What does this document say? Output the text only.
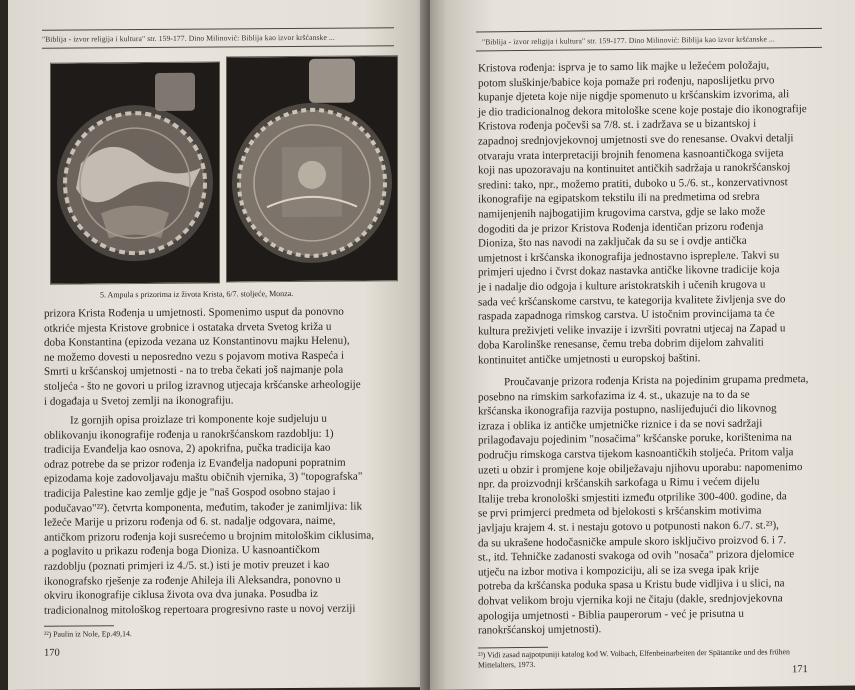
"Biblija - izvor religija i kultura" str. 159-177. Dino Milinović: Biblija kao izvor kršćanske ...
5. Ampula s prizorima iz života Krista, 6/7. stoljeće, Monza.
prizora Krista Rođenja u umjetnosti. Spomenimo usput da ponovno
otkriće mjesta Kristove grobnice i ostataka drveta Svetog križa u
doba Konstantina (epizoda vezana uz Konstantinovu majku Helenu),
ne možemo dovesti u neposredno vezu s pojavom motiva Raspeća i
Smrti u kršćanskoj umjetnosti - na to treba čekati još najmanje pola
stoljeća - što ne govori u prilog izravnog utjecaja kršćanske arheologije
i događaja u Svetoj zemlji na ikonografiju.
Iz gornjih opisa proizlaze tri komponente koje sudjeluju u
oblikovanju ikonografije rođenja u ranokršćanskom razdoblju: 1)
tradicija Evanđelja kao osnova, 2) apokrifna, pučka tradicija kao
odraz potrebe da se prizor rođenja iz Evanđelja nadopuni popratnim
epizodama koje zadovoljavaju maštu običnih vjernika, 3) "topografska"
tradicija Palestine kao zemlje gdje je "naš Gospod osobno stajao i
podučavao"²²). četvrta komponenta, međutim, također je zanimljiva: lik
ležeće Marije u prizoru rođenja od 6. st. nadalje odgovara, naime,
antičkom prizoru rođenja koji susrećemo u brojnim mitološkim ciklusima,
a poglavito u prikazu rođenja boga Dioniza. U kasnoantičkom
razdoblju (poznati primjeri iz 4./5. st.) isti je motiv preuzet i kao
ikonografsko rješenje za rođenje Ahileja ili Aleksandra, ponovno u
okviru ikonografije ciklusa života ova dva junaka. Posudba iz
tradicionalnog mitološkog repertoara progresivno raste u novoj verziji
²²) Paulin iz Nole, Ep.49,14.
170
"Biblija - izvor religija i kultura" str. 159-177. Dino Milinović: Biblija kao izvor kršćanske ...
Kristova rođenja: isprva je to samo lik majke u ležećem položaju,
potom sluškinje/babice koja pomaže pri rođenju, naposlijetku prvo
kupanje djeteta koje nije nigdje spomenuto u kršćanskim izvorima, ali
je dio tradicionalnog dekora mitološke scene koje postaje dio ikonografije
Kristova rođenja počevši sa 7/8. st. i zadržava se u bizantskoj i
zapadnoj srednjovjekovnoj umjetnosti sve do renesanse. Ovakvi detalji
otvaraju vrata interpretaciji brojnih fenomena kasnoantičkoga svijeta
koji nas upozoravaju na kontinuitet antičkih sadržaja u ranokršćanskoj
sredini: tako, npr., možemo pratiti, duboko u 5./6. st., konzervativnost
ikonografije na egipatskom tekstilu ili na predmetima od srebra
namijenjenih najbogatijim krugovima carstva, gdje se lako može
dogoditi da je prizor Kristova Rođenja identičan prizoru rođenja
Dioniza, što nas navodi na zaključak da su se i ovdje antička
umjetnost i kršćanska ikonografija jednostavno isprepleле. Takvi su
primjeri ujedno i čvrst dokaz nastavka antičke likovne tradicije koja
je i nadalje dio odgoja i kulture aristokratskih i učenih krugova u
sada već kršćanskome carstvu, te kategorija kvalitete življenja sve do
raspada zapadnoga rimskog carstva. U istočnim provincijama ta će
kultura preživjeti velike invazije i izvršiti povratni utjecaj na Zapad u
doba Karolinške renesanse, čemu treba dobrim dijelom zahvaliti
kontinuitet antičke umjetnosti u europskoj baštini.
Proučavanje prizora rođenja Krista na pojedinim grupama predmeta,
posebno na rimskim sarkofazima iz 4. st., ukazuje na to da se
kršćanska ikonografija razvija postupno, naslijeđujući dio likovnog
izraza i oblika iz antičke umjetničke riznice i da se novi sadržaji
prilagođavaju pojedinim "nosačima" kršćanske poruke, korištenima na
području rimskoga carstva tijekom kasnoantičkih stoljeća. Pritom valja
uzeti u obzir i promjene koje obilježavaju njihovu uporabu: napomenimo
npr. da proizvodnji kršćanskih sarkofaga u Rimu i većem dijelu
Italije treba kronološki smjestiti između otprilike 300-400. godine, da
se prvi primjerci predmeta od bjelokosti s kršćanskim motivima
javljaju krajem 4. st. i nestaju gotovo u potpunosti nakon 6./7. st.²³),
da su ukrašene hodočasničke ampule skoro isključivo proizvod 6. i 7.
st., itd. Tehničke zadanosti svakoga od ovih "nosača" prizora djelomice
utječu na izbor motiva i kompoziciju, ali se iza svega ipak krije
potreba da kršćanska poduka spasa u Kristu bude vidljiva i u slici, na
dohvat velikom broju vjernika koji ne čitaju (dakle, srednjovjekovna
apologija umjetnosti - Biblia pauperorum - već je prisutna u
ranokršćanskoj umjetnosti).
²³) Vidi zasad najpotpuniji katalog kod W. Volbach, Elfenbeinarbeiten der Spätantike und des frühen Mittelalters, 1973.	171
